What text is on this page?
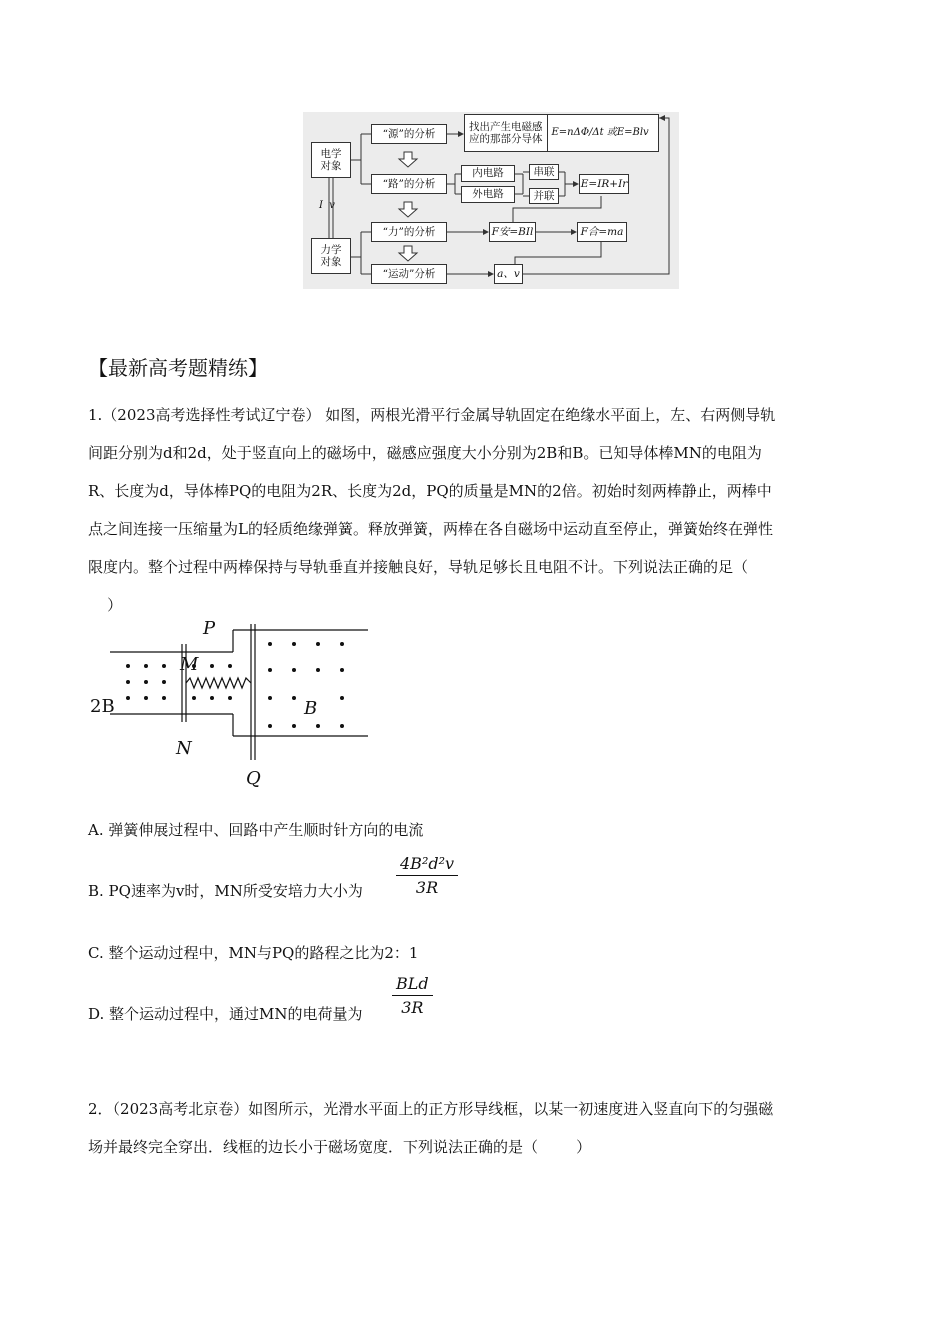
电学
对象
力学
对象
I  v
“源”的分析
“路”的分析
“力”的分析
“运动”分析
找出产生电磁感
应的那部分导体
E=nΔΦ/Δt 或E=Blv
内电路
外电路
串联
并联
E=IR+Ir
F安=BIl	F合=ma
a、v
【最新高考题精练】

1.（2023高考选择性考试辽宁卷） 如图，两根光滑平行金属导轨固定在绝缘水平面上，左、右两侧导轨

间距分别为d和2d，处于竖直向上的磁场中，磁感应强度大小分别为2B和B。已知导体棒MN的电阻为

R、长度为d，导体棒PQ的电阻为2R、长度为2d，PQ的质量是MN的2倍。初始时刻两棒静止，两棒中

点之间连接一压缩量为L的轻质绝缘弹簧。释放弹簧，两棒在各自磁场中运动直至停止，弹簧始终在弹性

限度内。整个过程中两棒保持与导轨垂直并接触良好，导轨足够长且电阻不计。下列说法正确的足（

）

P
M
2B	B
N
Q
A. 弹簧伸展过程中、回路中产生顺时针方向的电流
B. PQ速率为v时，MN所受安培力大小为
4B²d²v
3R
C. 整个运动过程中，MN与PQ的路程之比为2：1
D. 整个运动过程中，通过MN的电荷量为
BLd
3R

2．（2023高考北京卷）如图所示，光滑水平面上的正方形导线框，以某一初速度进入竖直向下的匀强磁

场并最终完全穿出．线框的边长小于磁场宽度．下列说法正确的是（        ）
